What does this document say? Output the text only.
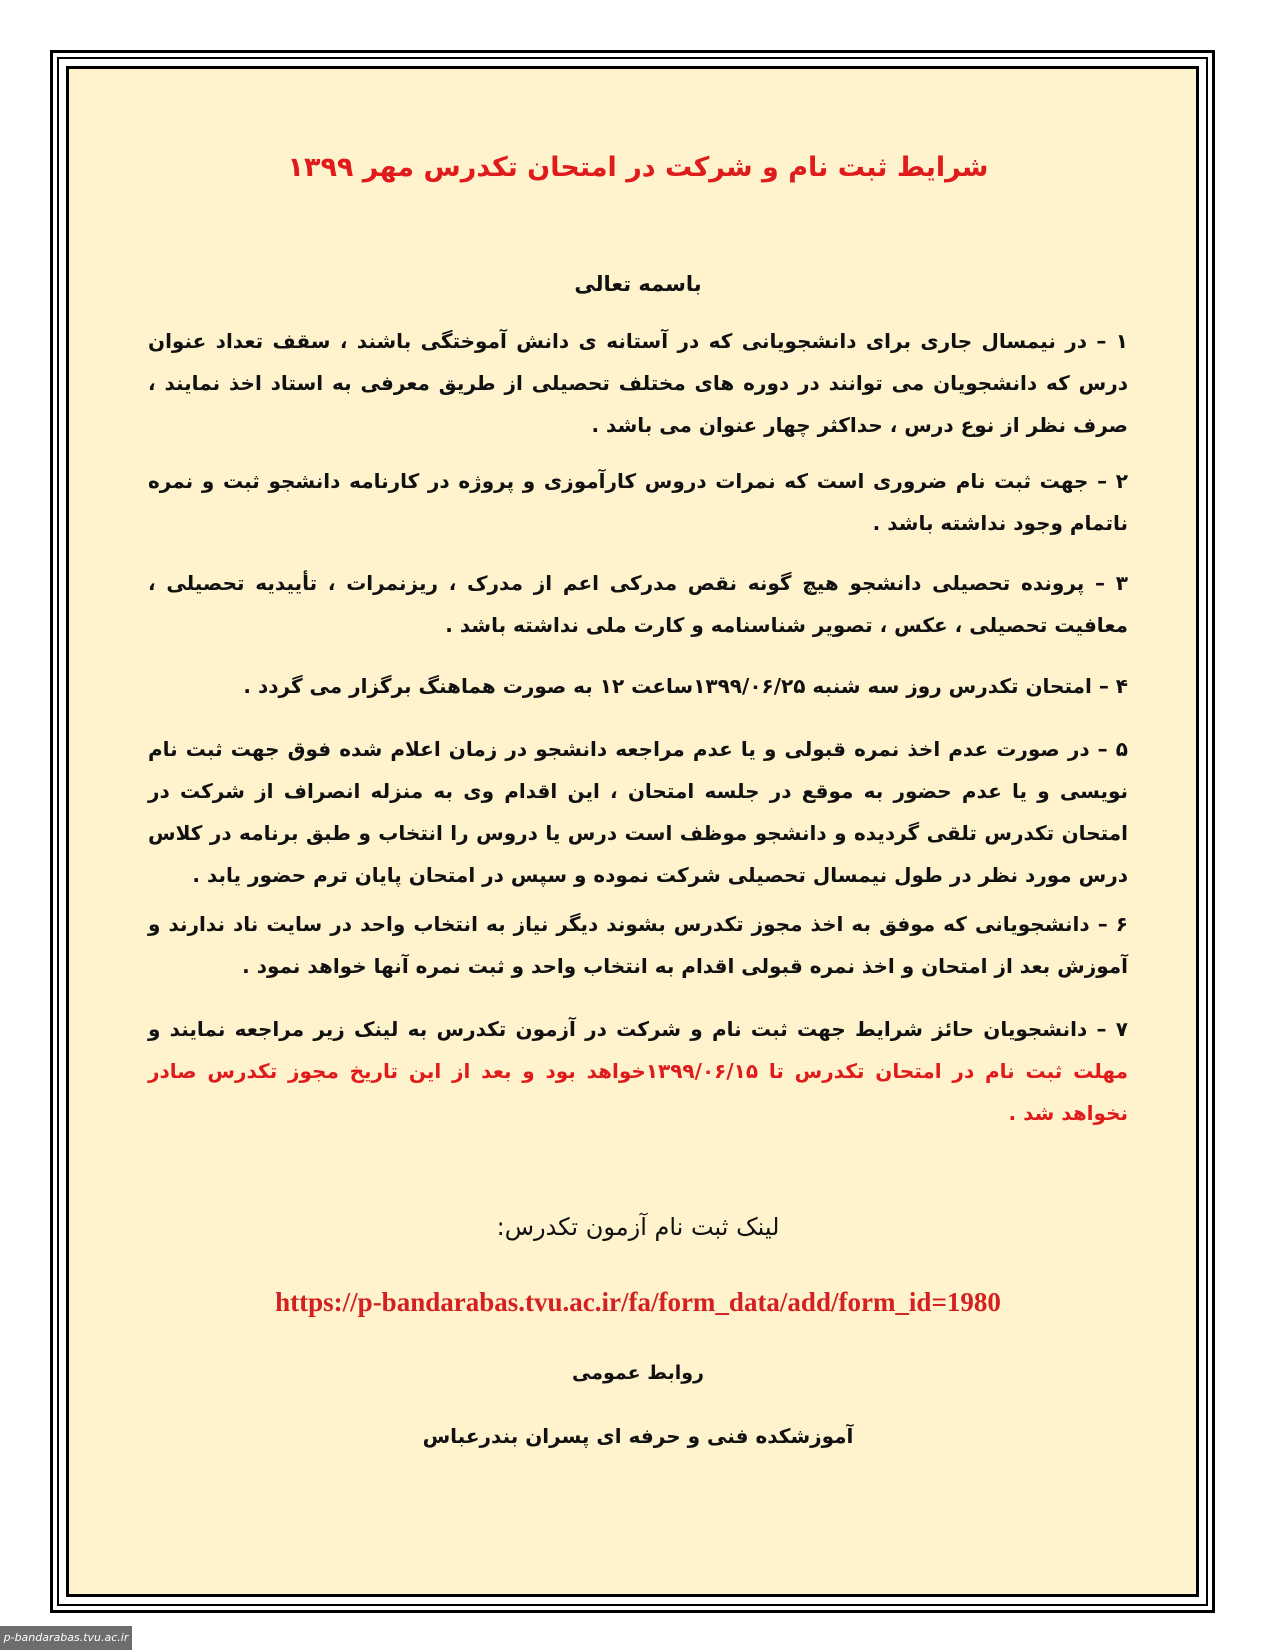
شرایط ثبت نام و شرکت در امتحان تکدرس مهر ۱۳۹۹
باسمه تعالی
۱ – در نیمسال جاری برای دانشجویانی که در آستانه ی دانش آموختگی باشند ، سقف تعداد عنوان درس که دانشجویان می توانند در دوره های مختلف تحصیلی از طریق معرفی به استاد اخذ نمایند ، صرف نظر از نوع درس ، حداکثر چهار عنوان می باشد .
۲ – جهت ثبت نام ضروری است که نمرات دروس کارآموزی و پروژه در کارنامه دانشجو ثبت و نمره ناتمام وجود نداشته باشد .
۳ – پرونده تحصیلی دانشجو هیچ گونه نقص مدرکی اعم از مدرک ، ریزنمرات ، تأییدیه تحصیلی ، معافیت تحصیلی ، عکس ، تصویر شناسنامه و کارت ملی نداشته باشد .
۴ – امتحان تکدرس روز سه شنبه ۱۳۹۹/۰۶/۲۵ساعت ۱۲ به صورت هماهنگ برگزار می گردد .
۵ – در صورت عدم اخذ نمره قبولی و یا عدم مراجعه دانشجو در زمان اعلام شده فوق جهت ثبت نام نویسی و یا عدم حضور به موقع در جلسه امتحان ، این اقدام وی به منزله انصراف از شرکت در امتحان تکدرس تلقی گردیده و دانشجو موظف است درس یا دروس را انتخاب و طبق برنامه در کلاس درس مورد نظر در طول نیمسال تحصیلی شرکت نموده و سپس در امتحان پایان ترم حضور یابد .
۶ – دانشجویانی که موفق به اخذ مجوز تکدرس بشوند دیگر نیاز به انتخاب واحد در سایت ناد ندارند و آموزش بعد از امتحان و اخذ نمره قبولی اقدام به انتخاب واحد و ثبت نمره آنها خواهد نمود .
۷ – دانشجویان حائز شرایط جهت ثبت نام و شرکت در آزمون تکدرس به لینک زیر مراجعه نمایند و مهلت ثبت نام در امتحان تکدرس تا ۱۳۹۹/۰۶/۱۵خواهد بود و بعد از این تاریخ مجوز تکدرس صادر نخواهد شد .
لینک ثبت نام آزمون تکدرس:
https://p-bandarabas.tvu.ac.ir/fa/form_data/add/form_id=1980
روابط عمومی
آموزشکده فنی و حرفه ای پسران بندرعباس
p-bandarabas.tvu.ac.ir
